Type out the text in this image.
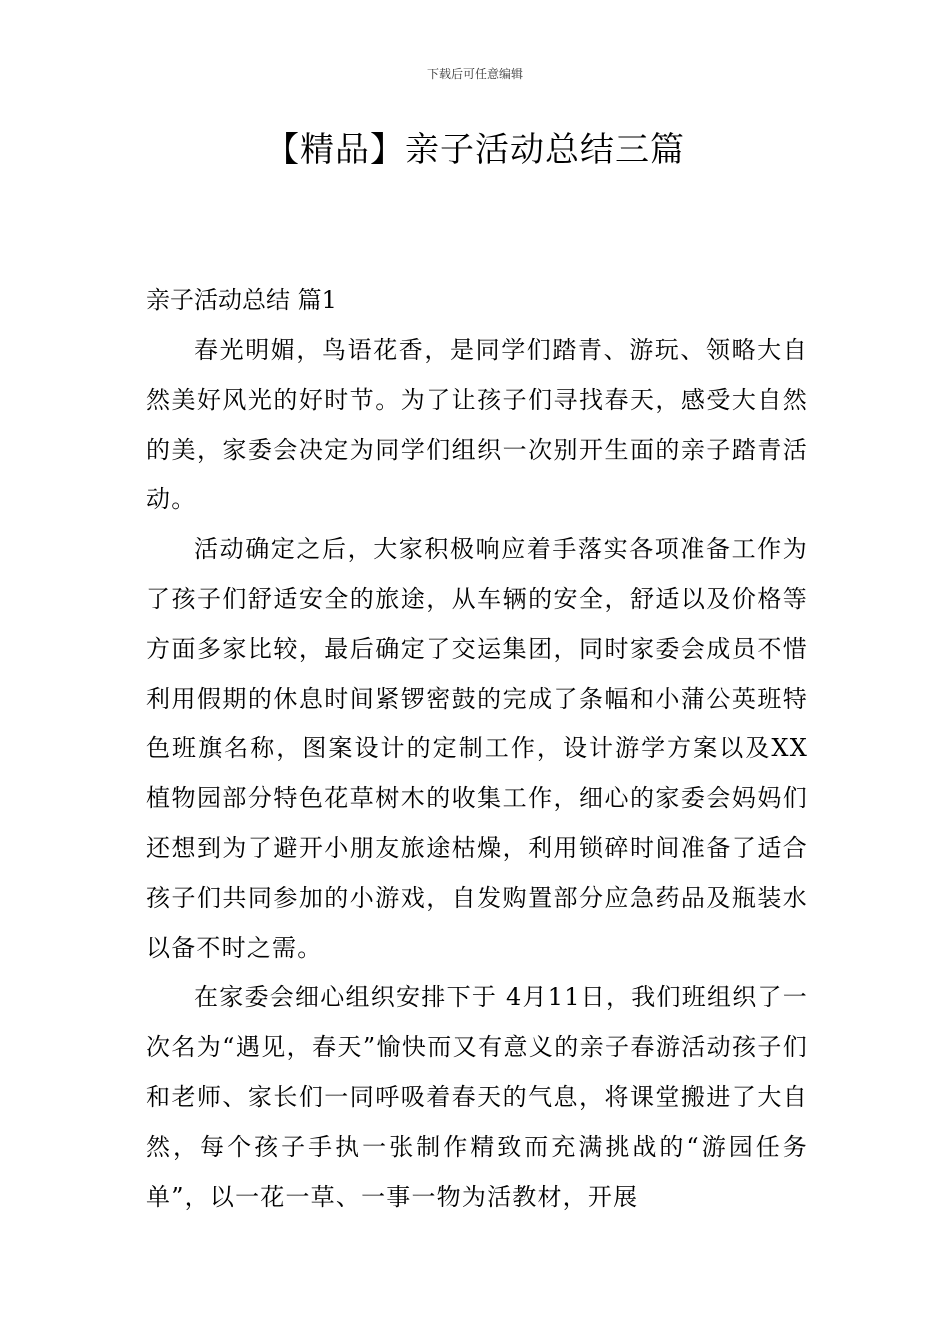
下载后可任意编辑
【精品】亲子活动总结三篇
亲子活动总结 篇1

春光明媚，鸟语花香，是同学们踏青、游玩、领略大自然美好风光的好时节。为了让孩子们寻找春天，感受大自然的美，家委会决定为同学们组织一次别开生面的亲子踏青活动。

活动确定之后，大家积极响应着手落实各项准备工作为了孩子们舒适安全的旅途，从车辆的安全，舒适以及价格等方面多家比较，最后确定了交运集团，同时家委会成员不惜利用假期的休息时间紧锣密鼓的完成了条幅和小蒲公英班特色班旗名称，图案设计的定制工作，设计游学方案以及XX植物园部分特色花草树木的收集工作，细心的家委会妈妈们还想到为了避开小朋友旅途枯燥，利用锁碎时间准备了适合孩子们共同参加的小游戏，自发购置部分应急药品及瓶装水以备不时之需。

在家委会细心组织安排下于 4月11日，我们班组织了一次名为“遇见，春天”愉快而又有意义的亲子春游活动孩子们和老师、家长们一同呼吸着春天的气息，将课堂搬进了大自然，每个孩子手执一张制作精致而充满挑战的“游园任务单”，以一花一草、一事一物为活教材，开展
